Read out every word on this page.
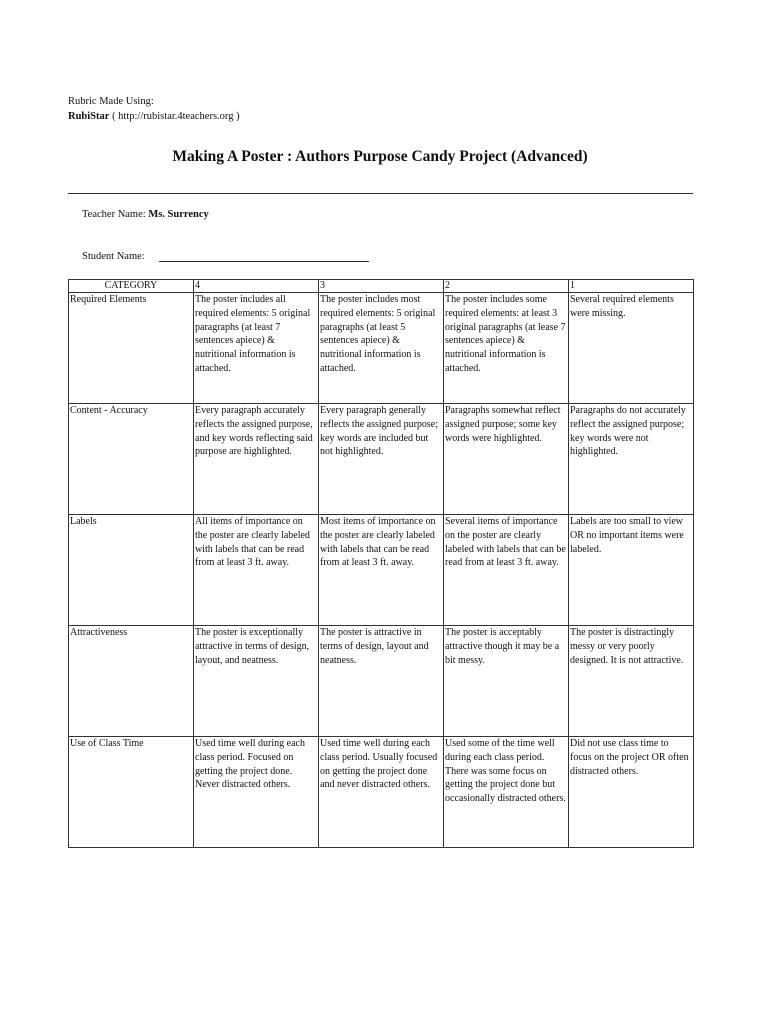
Rubric Made Using:
RubiStar ( http://rubistar.4teachers.org )
Making A Poster : Authors Purpose Candy Project (Advanced)
Teacher Name: Ms. Surrency
Student Name:
CATEGORY	4	3	2	1
Required Elements	The poster includes all required elements: 5 original paragraphs (at least 7 sentences apiece) & nutritional information is attached.	The poster includes most required elements: 5 original paragraphs (at least 5 sentences apiece) & nutritional information is attached.	The poster includes some required elements: at least 3 original paragraphs (at lease 7 sentences apiece) & nutritional information is attached.	Several required elements were missing.
Content - Accuracy	Every paragraph accurately reflects the assigned purpose, and key words reflecting said purpose are highlighted.	Every paragraph generally reflects the assigned purpose; key words are included but not highlighted.	Paragraphs somewhat reflect assigned purpose; some key words were highlighted.	Paragraphs do not accurately reflect the assigned purpose; key words were not highlighted.
Labels	All items of importance on the poster are clearly labeled with labels that can be read from at least 3 ft. away.	Most items of importance on the poster are clearly labeled with labels that can be read from at least 3 ft. away.	Several items of importance on the poster are clearly labeled with labels that can be read from at least 3 ft. away.	Labels are too small to view OR no important items were labeled.
Attractiveness	The poster is exceptionally attractive in terms of design, layout, and neatness.	The poster is attractive in terms of design, layout and neatness.	The poster is acceptably attractive though it may be a bit messy.	The poster is distractingly messy or very poorly designed. It is not attractive.
Use of Class Time	Used time well during each class period. Focused on getting the project done. Never distracted others.	Used time well during each class period. Usually focused on getting the project done and never distracted others.	Used some of the time well during each class period. There was some focus on getting the project done but occasionally distracted others.	Did not use class time to focus on the project OR often distracted others.
